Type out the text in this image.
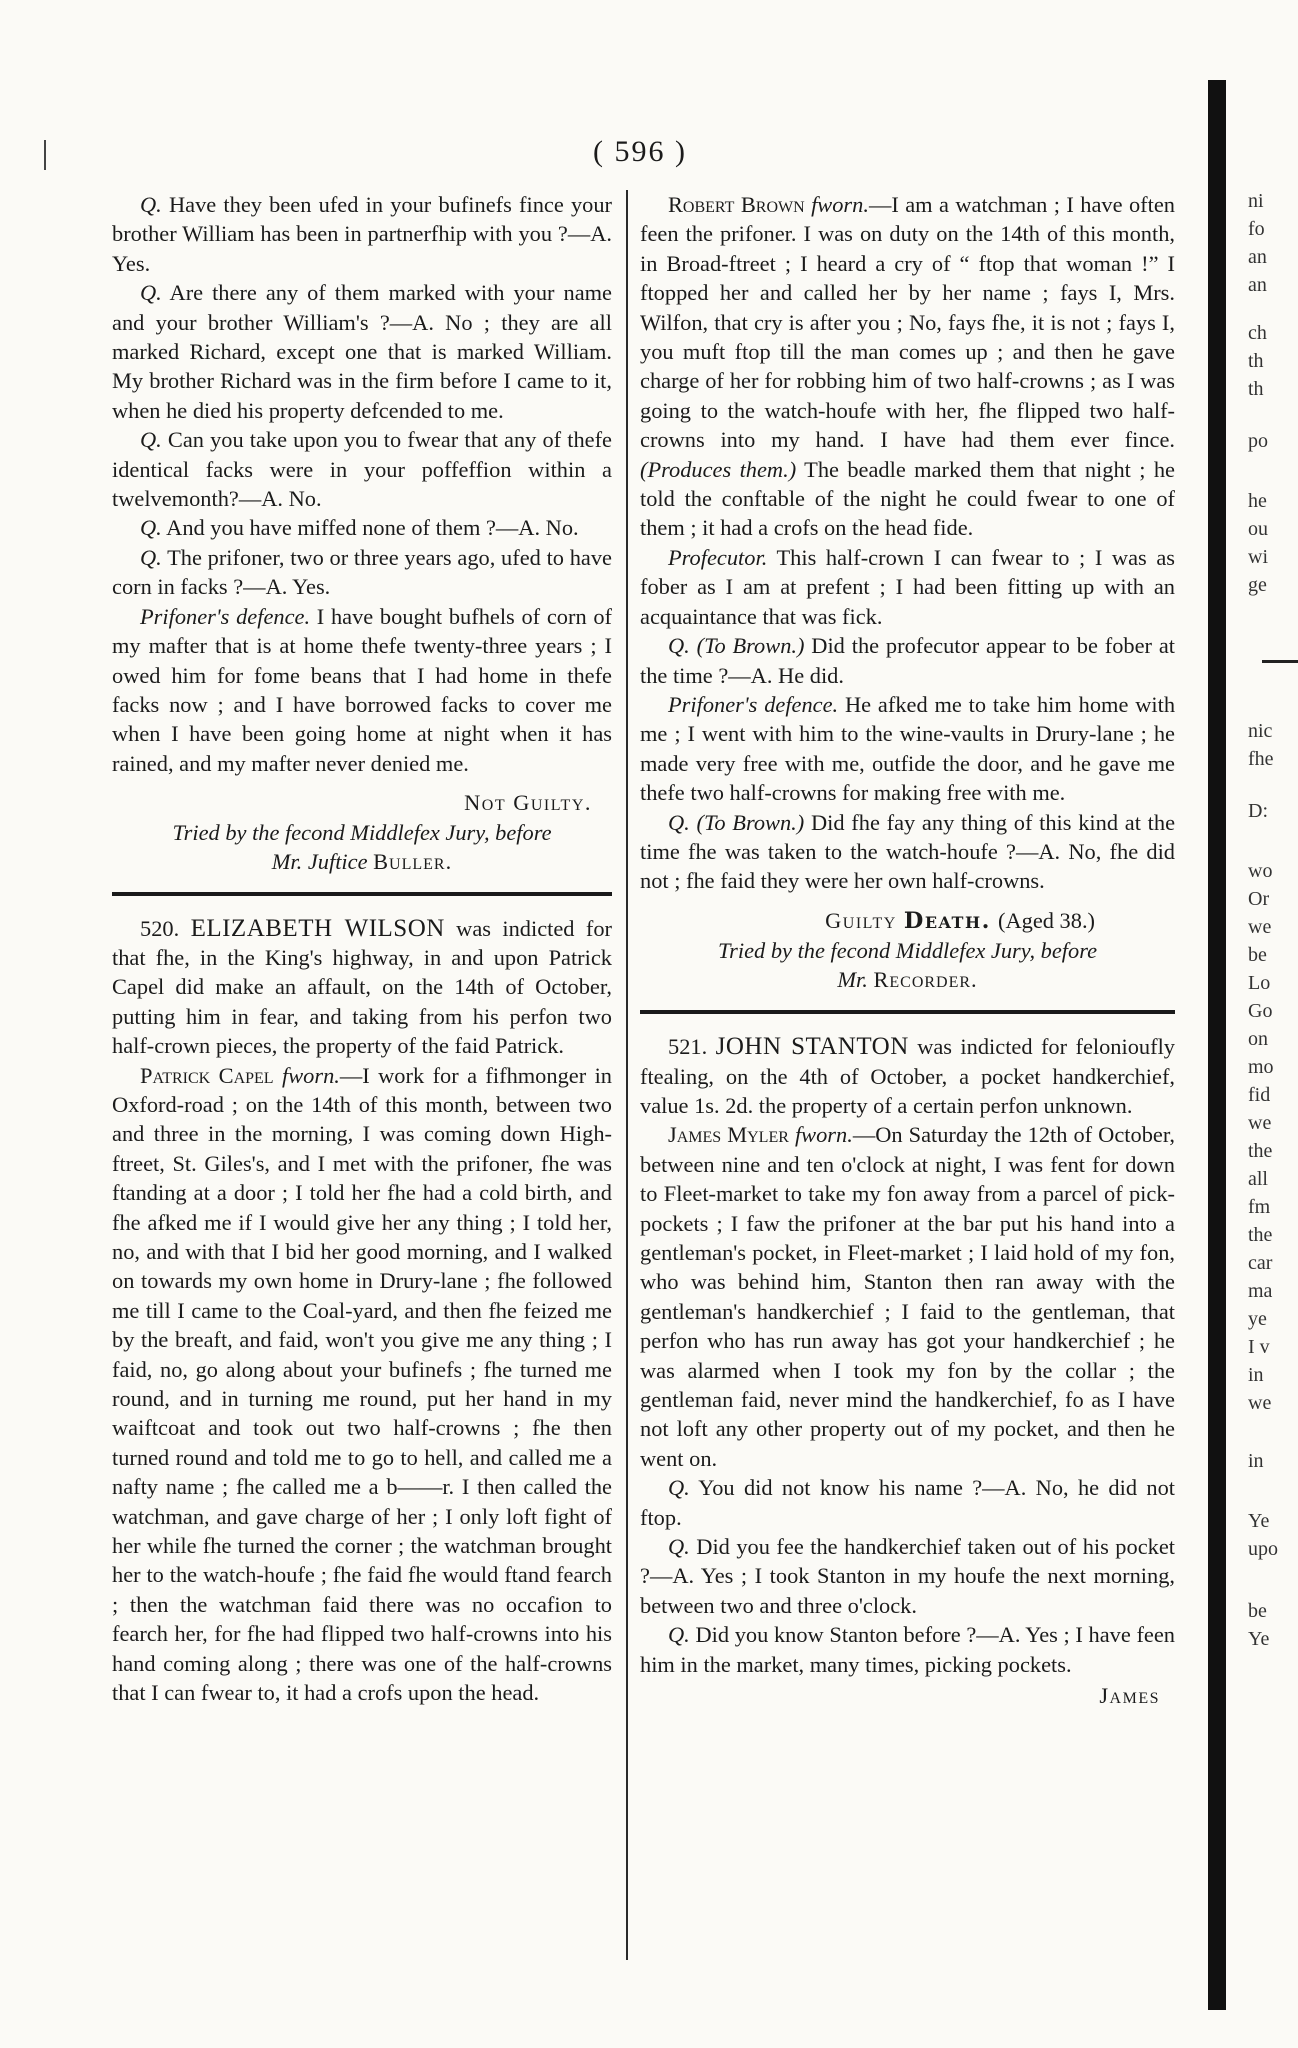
( 596 )

Q. Have they been ufed in your bufinefs fince your brother William has been in partnerfhip with you ?—A. Yes.

Q. Are there any of them marked with your name and your brother William's ?—A. No ; they are all marked Richard, except one that is marked William. My brother Richard was in the firm before I came to it, when he died his property defcended to me.

Q. Can you take upon you to fwear that any of thefe identical facks were in your poffeffion within a twelvemonth?—A. No.

Q. And you have miffed none of them ?—A. No.

Q. The prifoner, two or three years ago, ufed to have corn in facks ?—A. Yes.

Prifoner's defence. I have bought bufhels of corn of my mafter that is at home thefe twenty-three years ; I owed him for fome beans that I had home in thefe facks now ; and I have borrowed facks to cover me when I have been going home at night when it has rained, and my mafter never denied me.

Not Guilty.
Tried by the fecond Middlefex Jury, before
Mr. Juftice Buller.

520. ELIZABETH WILSON was indicted for that fhe, in the King's highway, in and upon Patrick Capel did make an affault, on the 14th of October, putting him in fear, and taking from his perfon two half-crown pieces, the property of the faid Patrick.

Patrick Capel fworn.—I work for a fifhmonger in Oxford-road ; on the 14th of this month, between two and three in the morning, I was coming down High-ftreet, St. Giles's, and I met with the prifoner, fhe was ftanding at a door ; I told her fhe had a cold birth, and fhe afked me if I would give her any thing ; I told her, no, and with that I bid her good morning, and I walked on towards my own home in Drury-lane ; fhe followed me till I came to the Coal-yard, and then fhe feized me by the breaft, and faid, won't you give me any thing ; I faid, no, go along about your bufinefs ; fhe turned me round, and in turning me round, put her hand in my waiftcoat and took out two half-crowns ; fhe then turned round and told me to go to hell, and called me a nafty name ; fhe called me a b——r. I then called the watchman, and gave charge of her ; I only loft fight of her while fhe turned the corner ; the watchman brought her to the watch-houfe ; fhe faid fhe would ftand fearch ; then the watchman faid there was no occafion to fearch her, for fhe had flipped two half-crowns into his hand coming along ; there was one of the half-crowns that I can fwear to, it had a crofs upon the head.

Robert Brown fworn.—I am a watchman ; I have often feen the prifoner. I was on duty on the 14th of this month, in Broad-ftreet ; I heard a cry of “ ftop that woman !” I ftopped her and called her by her name ; fays I, Mrs. Wilfon, that cry is after you ; No, fays fhe, it is not ; fays I, you muft ftop till the man comes up ; and then he gave charge of her for robbing him of two half-crowns ; as I was going to the watch-houfe with her, fhe flipped two half-crowns into my hand. I have had them ever fince. (Produces them.) The beadle marked them that night ; he told the conftable of the night he could fwear to one of them ; it had a crofs on the head fide.

Profecutor. This half-crown I can fwear to ; I was as fober as I am at prefent ; I had been fitting up with an acquaintance that was fick.

Q. (To Brown.) Did the profecutor appear to be fober at the time ?—A. He did.

Prifoner's defence. He afked me to take him home with me ; I went with him to the wine-vaults in Drury-lane ; he made very free with me, outfide the door, and he gave me thefe two half-crowns for making free with me.

Q. (To Brown.) Did fhe fay any thing of this kind at the time fhe was taken to the watch-houfe ?—A. No, fhe did not ; fhe faid they were her own half-crowns.

Guilty Death. (Aged 38.)
Tried by the fecond Middlefex Jury, before
Mr. Recorder.

521. JOHN STANTON was indicted for felonioufly ftealing, on the 4th of October, a pocket handkerchief, value 1s. 2d. the property of a certain perfon unknown.

James Myler fworn.—On Saturday the 12th of October, between nine and ten o'clock at night, I was fent for down to Fleet-market to take my fon away from a parcel of pick-pockets ; I faw the prifoner at the bar put his hand into a gentleman's pocket, in Fleet-market ; I laid hold of my fon, who was behind him, Stanton then ran away with the gentleman's handkerchief ; I faid to the gentleman, that perfon who has run away has got your handkerchief ; he was alarmed when I took my fon by the collar ; the gentleman faid, never mind the handkerchief, fo as I have not loft any other property out of my pocket, and then he went on.

Q. You did not know his name ?—A. No, he did not ftop.

Q. Did you fee the handkerchief taken out of his pocket ?—A. Yes ; I took Stanton in my houfe the next morning, between two and three o'clock.

Q. Did you know Stanton before ?—A. Yes ; I have feen him in the market, many times, picking pockets.

James
ni
fo
an
an
ch
th
th
po
he
ou
wi
ge
nic
fhe
D:
wo
Or
we
be
Lo
Go
on
mo
fid
we
the
all
fm
the
car
ma
ye
I v
in
we
in
Ye
upo
be
Ye
